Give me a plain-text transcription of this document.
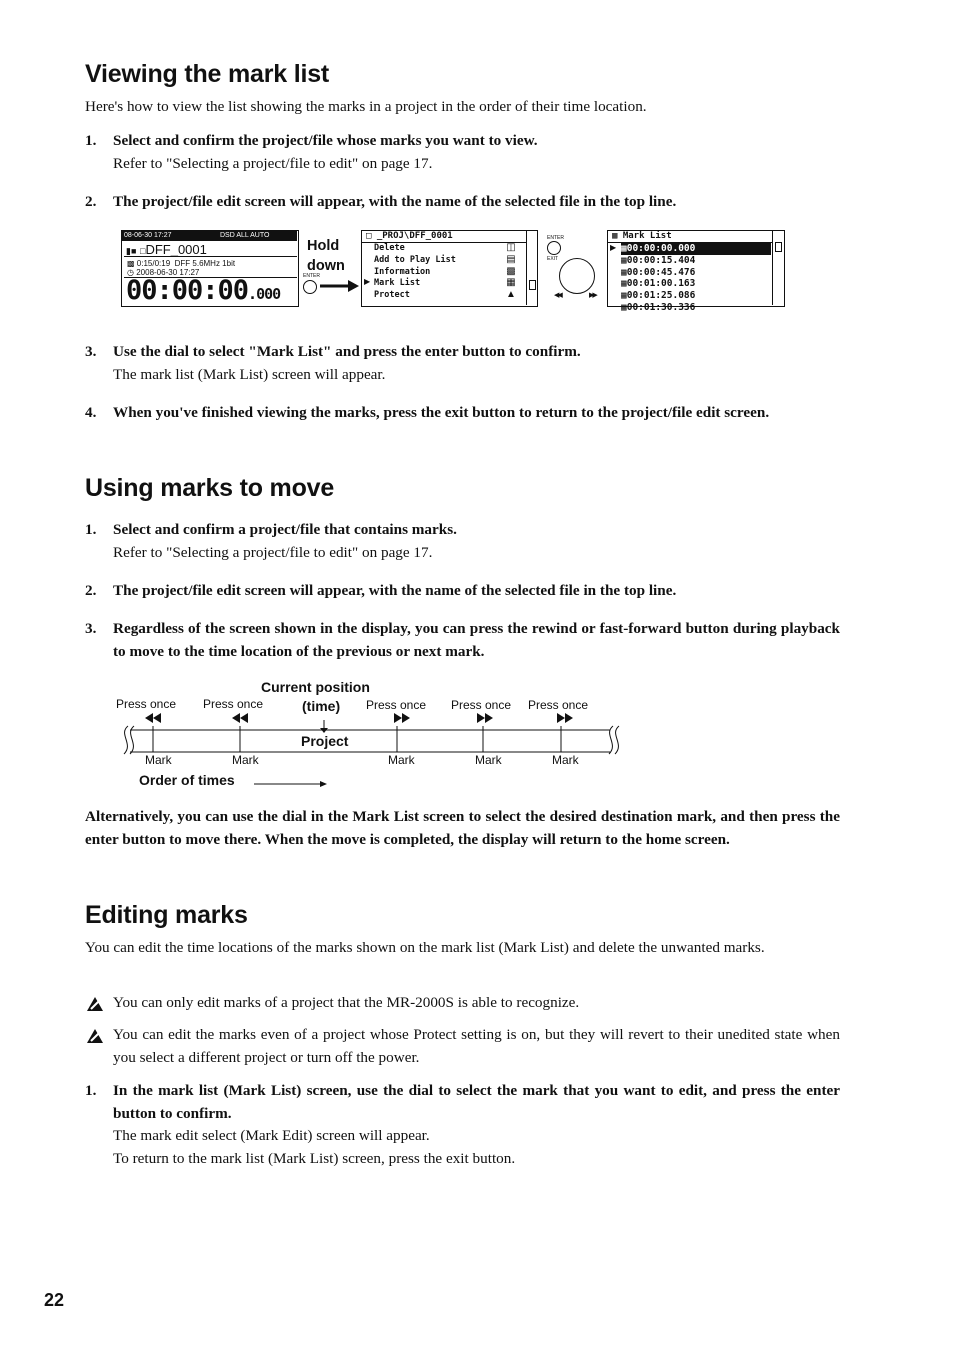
Viewing the mark list

Here's how to view the list showing the marks in a project in the order of their time location.

1. Select and confirm the project/file whose marks you want to view.
Refer to "Selecting a project/file to edit" on page 17.
2. The project/file edit screen will appear, with the name of the selected file in the top line.
08-06-30 17:27	DSD ALL AUTO
▮■ □DFF_0001
▩ 0:15/0:19 DFF 5.6MHz 1bit
◷ 2008-06-30 17:27
00:00:00.000
Hold down
ENTER
□ _PROJ\DFF_0001
Delete
Add to Play List
Information
Mark List
Protect
▶
◫
▤
▩
▦
▲
ENTER
EXIT
◀◀	▶▶
▦ Mark List
▦00:00:00.000
▦00:00:15.404
▦00:00:45.476
▦00:01:00.163
▦00:01:25.086
▦00:01:30.336
▶
3. Use the dial to select "Mark List" and press the enter button to confirm.
The mark list (Mark List) screen will appear.
4. When you've finished viewing the marks, press the exit button to return to the project/file edit screen.
Using marks to move
1. Select and confirm a project/file that contains marks.
Refer to "Selecting a project/file to edit" on page 17.
2. The project/file edit screen will appear, with the name of the selected file in the top line.
3. Regardless of the screen shown in the display, you can press the rewind or fast-forward button during playback to move to the time location of the previous or next mark.
Press once Press once	Press once Press once Press once
Current position
(time)
Project
Mark	Mark	Mark	Mark	Mark
Order of times

Alternatively, you can use the dial in the Mark List screen to select the desired destination mark, and then press the enter button to move there. When the move is completed, the display will return to the home screen.

Editing marks

You can edit the time locations of the marks shown on the mark list (Mark List) and delete the unwanted marks.

You can only edit marks of a project that the MR-2000S is able to recognize.
You can edit the marks even of a project whose Protect setting is on, but they will revert to their unedited state when you select a different project or turn off the power.
1. In the mark list (Mark List) screen, use the dial to select the mark that you want to edit, and press the enter button to confirm.
The mark edit select (Mark Edit) screen will appear.
To return to the mark list (Mark List) screen, press the exit button.
22
